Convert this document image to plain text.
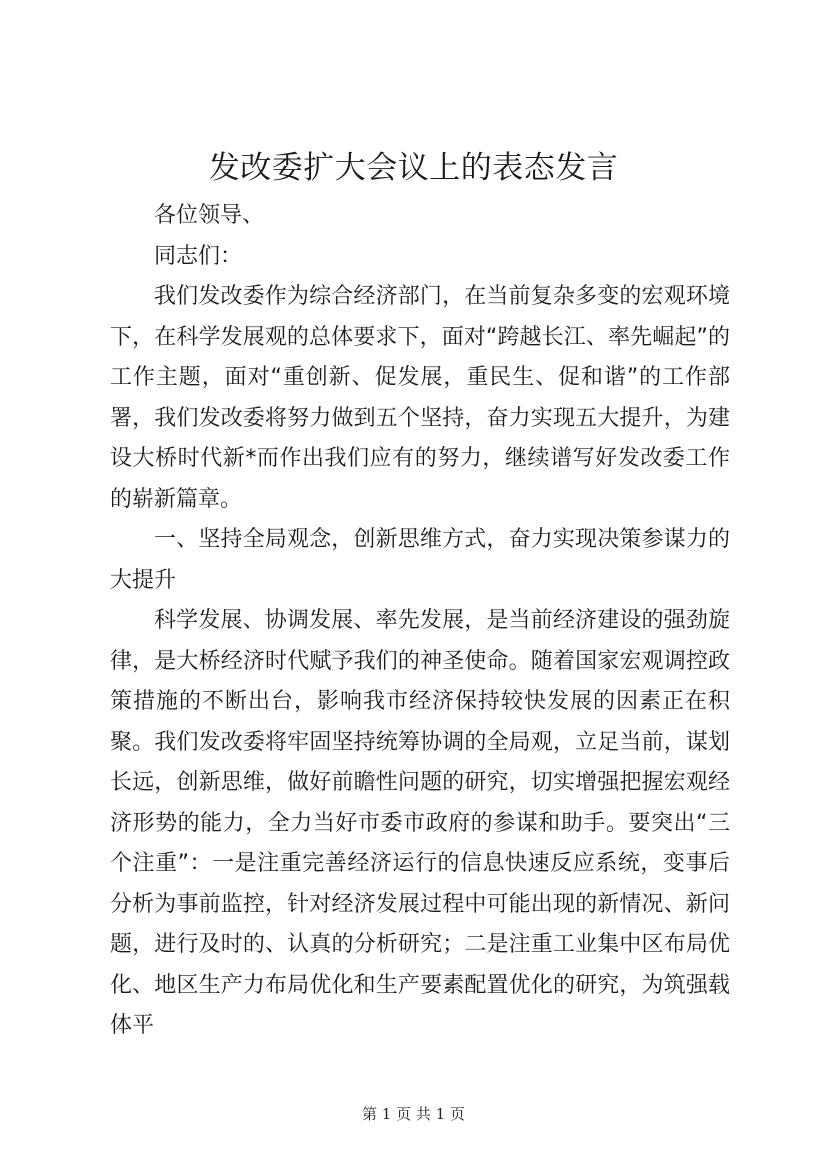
发改委扩大会议上的表态发言

各位领导、

同志们：

我们发改委作为综合经济部门，在当前复杂多变的宏观环境下，在科学发展观的总体要求下，面对“跨越长江、率先崛起”的工作主题，面对“重创新、促发展，重民生、促和谐”的工作部署，我们发改委将努力做到五个坚持，奋力实现五大提升，为建设大桥时代新*而作出我们应有的努力，继续谱写好发改委工作的崭新篇章。

一、坚持全局观念，创新思维方式，奋力实现决策参谋力的大提升

科学发展、协调发展、率先发展，是当前经济建设的强劲旋律，是大桥经济时代赋予我们的神圣使命。随着国家宏观调控政策措施的不断出台，影响我市经济保持较快发展的因素正在积聚。我们发改委将牢固坚持统筹协调的全局观，立足当前，谋划长远，创新思维，做好前瞻性问题的研究，切实增强把握宏观经济形势的能力，全力当好市委市政府的参谋和助手。要突出“三个注重”：一是注重完善经济运行的信息快速反应系统，变事后分析为事前监控，针对经济发展过程中可能出现的新情况、新问题，进行及时的、认真的分析研究；二是注重工业集中区布局优化、地区生产力布局优化和生产要素配置优化的研究，为筑强载体平

第 1 页 共 1 页
